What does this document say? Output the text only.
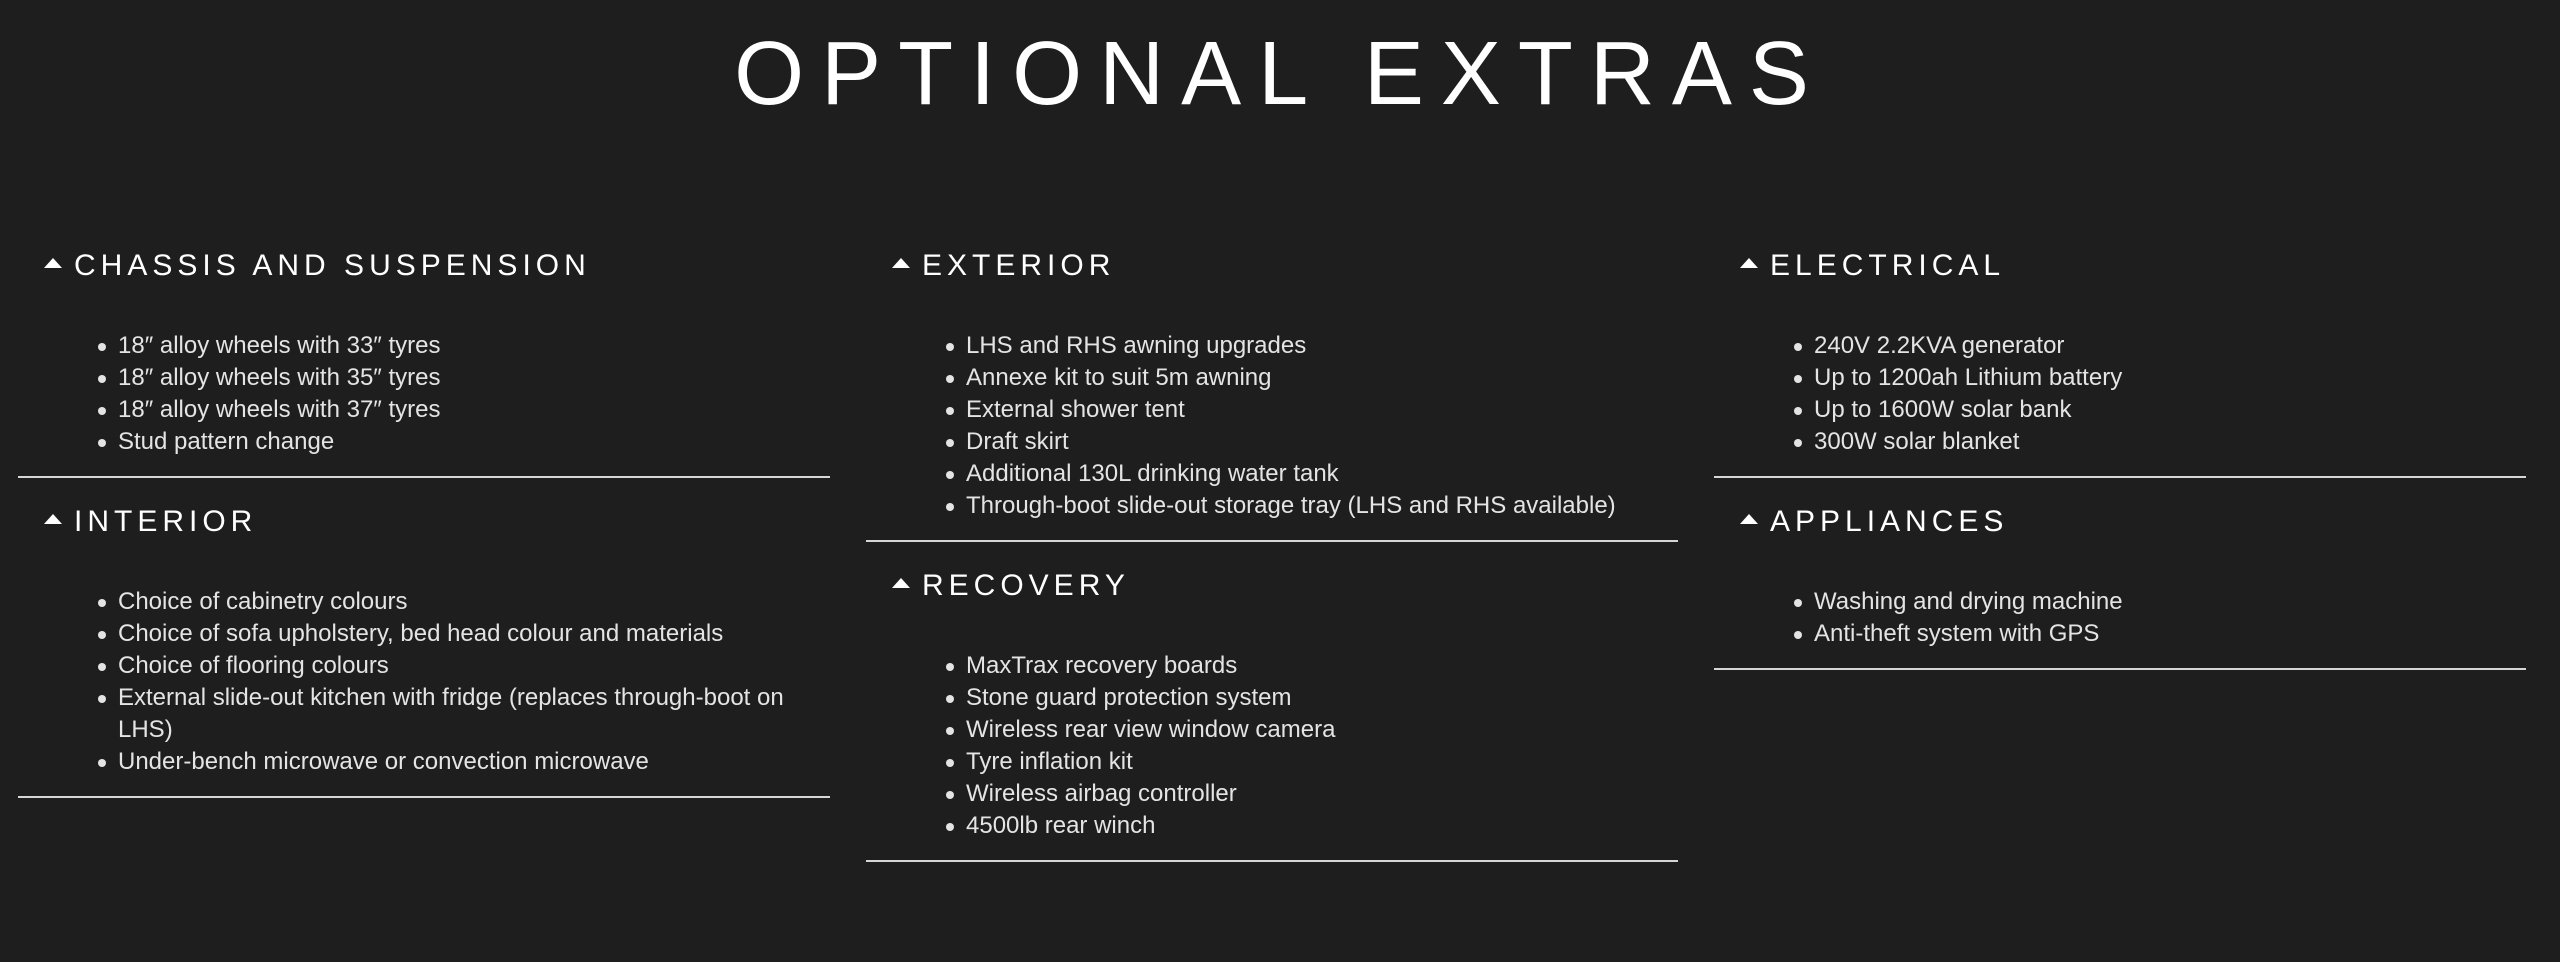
OPTIONAL EXTRAS
CHASSIS AND SUSPENSION
18″ alloy wheels with 33″ tyres
18″ alloy wheels with 35″ tyres
18″ alloy wheels with 37″ tyres
Stud pattern change
INTERIOR
Choice of cabinetry colours
Choice of sofa upholstery, bed head colour and materials
Choice of flooring colours
External slide-out kitchen with fridge (replaces through-boot on LHS)
Under-bench microwave or convection microwave
EXTERIOR
LHS and RHS awning upgrades
Annexe kit to suit 5m awning
External shower tent
Draft skirt
Additional 130L drinking water tank
Through-boot slide-out storage tray (LHS and RHS available)
RECOVERY
MaxTrax recovery boards
Stone guard protection system
Wireless rear view window camera
Tyre inflation kit
Wireless airbag controller
4500lb rear winch
ELECTRICAL
240V 2.2KVA generator
Up to 1200ah Lithium battery
Up to 1600W solar bank
300W solar blanket
APPLIANCES
Washing and drying machine
Anti-theft system with GPS
